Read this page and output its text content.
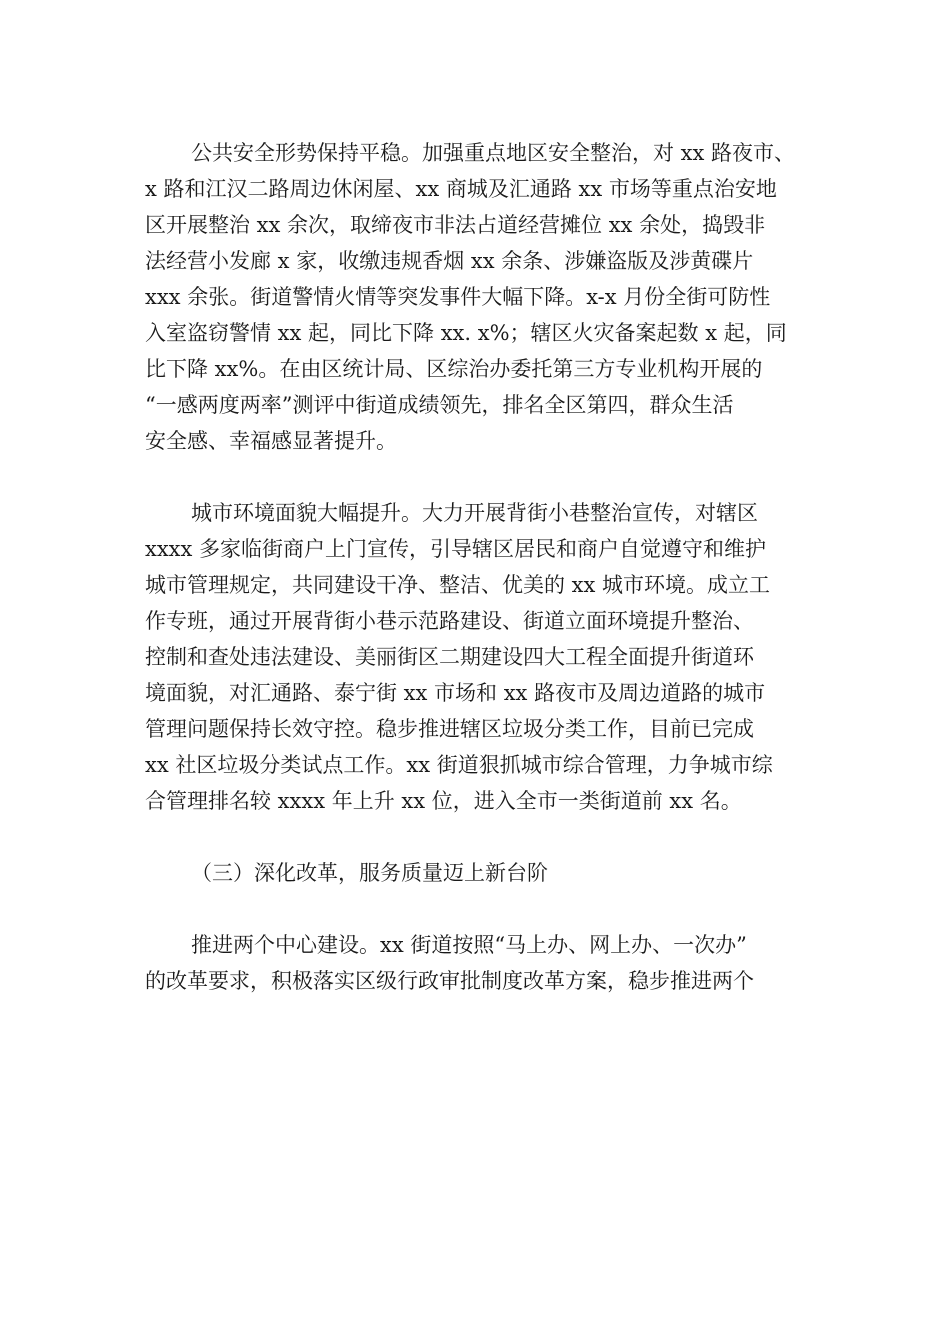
公共安全形势保持平稳。加强重点地区安全整治，对 xx 路夜市、
x 路和江汉二路周边休闲屋、xx 商城及汇通路 xx 市场等重点治安地
区开展整治 xx 余次，取缔夜市非法占道经营摊位 xx 余处，捣毁非
法经营小发廊 x 家，收缴违规香烟 xx 余条、涉嫌盗版及涉黄碟片
xxx 余张。街道警情火情等突发事件大幅下降。x-x 月份全街可防性
入室盗窃警情 xx 起，同比下降 xx. x%；辖区火灾备案起数 x 起，同
比下降 xx%。在由区统计局、区综治办委托第三方专业机构开展的
“一感两度两率”测评中街道成绩领先，排名全区第四，群众生活
安全感、幸福感显著提升。
城市环境面貌大幅提升。大力开展背街小巷整治宣传，对辖区
xxxx 多家临街商户上门宣传，引导辖区居民和商户自觉遵守和维护
城市管理规定，共同建设干净、整洁、优美的 xx 城市环境。成立工
作专班，通过开展背街小巷示范路建设、街道立面环境提升整治、
控制和查处违法建设、美丽街区二期建设四大工程全面提升街道环
境面貌，对汇通路、泰宁街 xx 市场和 xx 路夜市及周边道路的城市
管理问题保持长效守控。稳步推进辖区垃圾分类工作，目前已完成
xx 社区垃圾分类试点工作。xx 街道狠抓城市综合管理，力争城市综
合管理排名较 xxxx 年上升 xx 位，进入全市一类街道前 xx 名。
（三）深化改革，服务质量迈上新台阶
推进两个中心建设。xx 街道按照“马上办、网上办、一次办”
的改革要求，积极落实区级行政审批制度改革方案，稳步推进两个
